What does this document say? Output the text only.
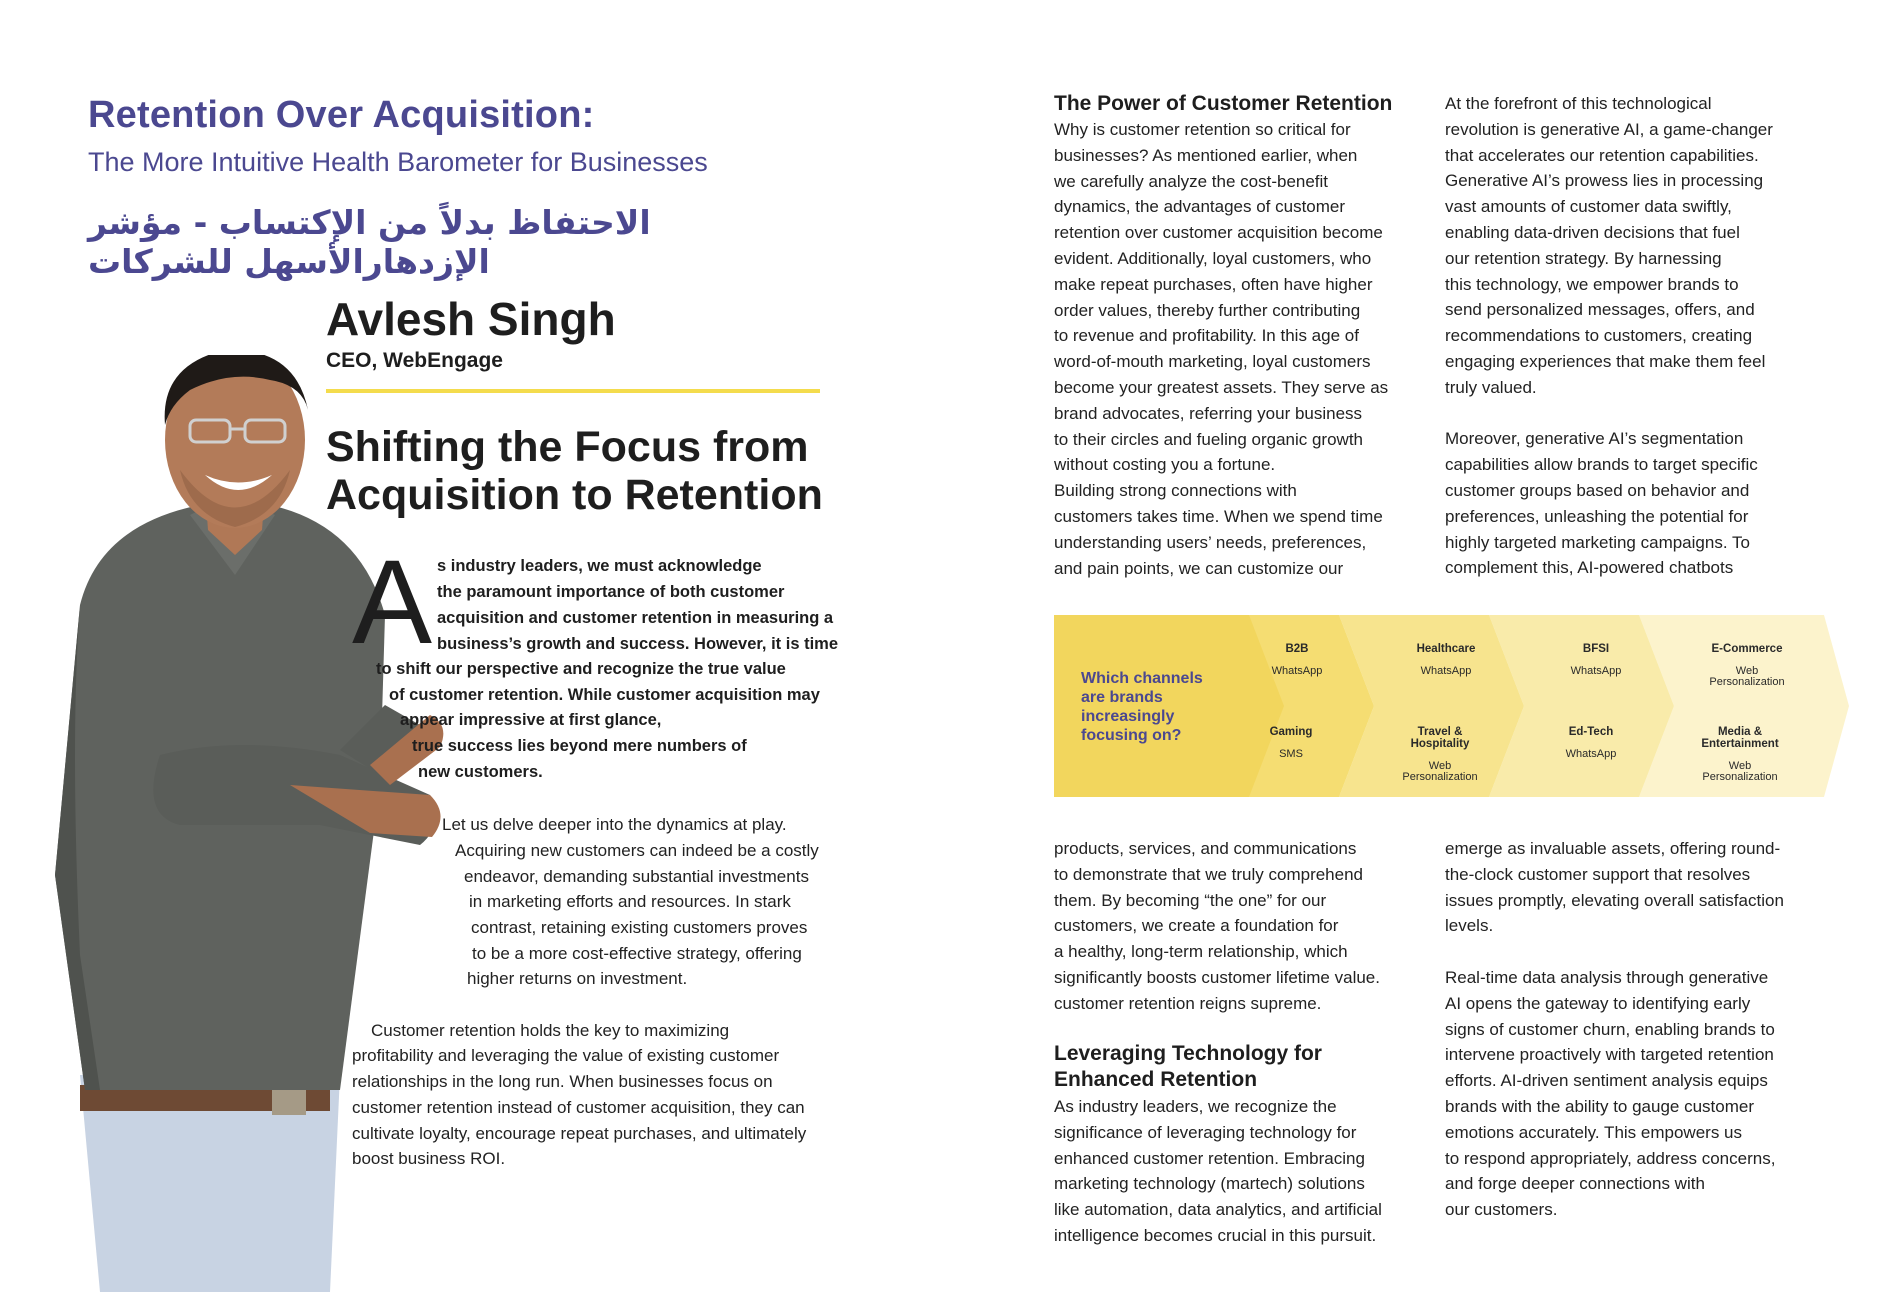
Retention Over Acquisition:
The More Intuitive Health Barometer for Businesses
الاحتفاظ بدلاً من الإكتساب - مؤشر الإزدهارالأسهل للشركات
Avlesh Singh
CEO, WebEngage
Shifting the Focus from
Acquisition to Retention
A s industry leaders, we must acknowledge
the paramount importance of both customer
acquisition and customer retention in measuring a
business’s growth and success. However, it is time
to shift our perspective and recognize the true value
of customer retention. While customer acquisition may
appear impressive at first glance,
true success lies beyond mere numbers of
new customers.
Let us delve deeper into the dynamics at play.
Acquiring new customers can indeed be a costly
endeavor, demanding substantial investments
in marketing efforts and resources. In stark
contrast, retaining existing customers proves
to be a more cost-effective strategy, offering
higher returns on investment.
Customer retention holds the key to maximizing
profitability and leveraging the value of existing customer
relationships in the long run. When businesses focus on
customer retention instead of customer acquisition, they can
cultivate loyalty, encourage repeat purchases, and ultimately
boost business ROI.
The Power of Customer Retention
Why is customer retention so critical for
businesses? As mentioned earlier, when
we carefully analyze the cost-benefit
dynamics, the advantages of customer
retention over customer acquisition become
evident. Additionally, loyal customers, who
make repeat purchases, often have higher
order values, thereby further contributing
to revenue and profitability. In this age of
word-of-mouth marketing, loyal customers
become your greatest assets. They serve as
brand advocates, referring your business
to their circles and fueling organic growth
without costing you a fortune.
Building strong connections with
customers takes time. When we spend time
understanding users’ needs, preferences,
and pain points, we can customize our
At the forefront of this technological
revolution is generative AI, a game-changer
that accelerates our retention capabilities.
Generative AI’s prowess lies in processing
vast amounts of customer data swiftly,
enabling data-driven decisions that fuel
our retention strategy. By harnessing
this technology, we empower brands to
send personalized messages, offers, and
recommendations to customers, creating
engaging experiences that make them feel
truly valued.
Moreover, generative AI’s segmentation
capabilities allow brands to target specific
customer groups based on behavior and
preferences, unleashing the potential for
highly targeted marketing campaigns. To
complement this, AI-powered chatbots
Which channels
are brands
increasingly
focusing on?
B2B
WhatsApp
Healthcare
WhatsApp
BFSI
WhatsApp
E-Commerce
Web
Personalization
Gaming
SMS
Travel &
Hospitality
Web
Personalization
Ed-Tech
WhatsApp
Media &
Entertainment
Web
Personalization
products, services, and communications
to demonstrate that we truly comprehend
them. By becoming “the one” for our
customers, we create a foundation for
a healthy, long-term relationship, which
significantly boosts customer lifetime value.
customer retention reigns supreme.
Leveraging Technology for
Enhanced Retention
As industry leaders, we recognize the
significance of leveraging technology for
enhanced customer retention. Embracing
marketing technology (martech) solutions
like automation, data analytics, and artificial
intelligence becomes crucial in this pursuit.
emerge as invaluable assets, offering round-
the-clock customer support that resolves
issues promptly, elevating overall satisfaction
levels.
Real-time data analysis through generative
AI opens the gateway to identifying early
signs of customer churn, enabling brands to
intervene proactively with targeted retention
efforts. AI-driven sentiment analysis equips
brands with the ability to gauge customer
emotions accurately. This empowers us
to respond appropriately, address concerns,
and forge deeper connections with
our customers.
